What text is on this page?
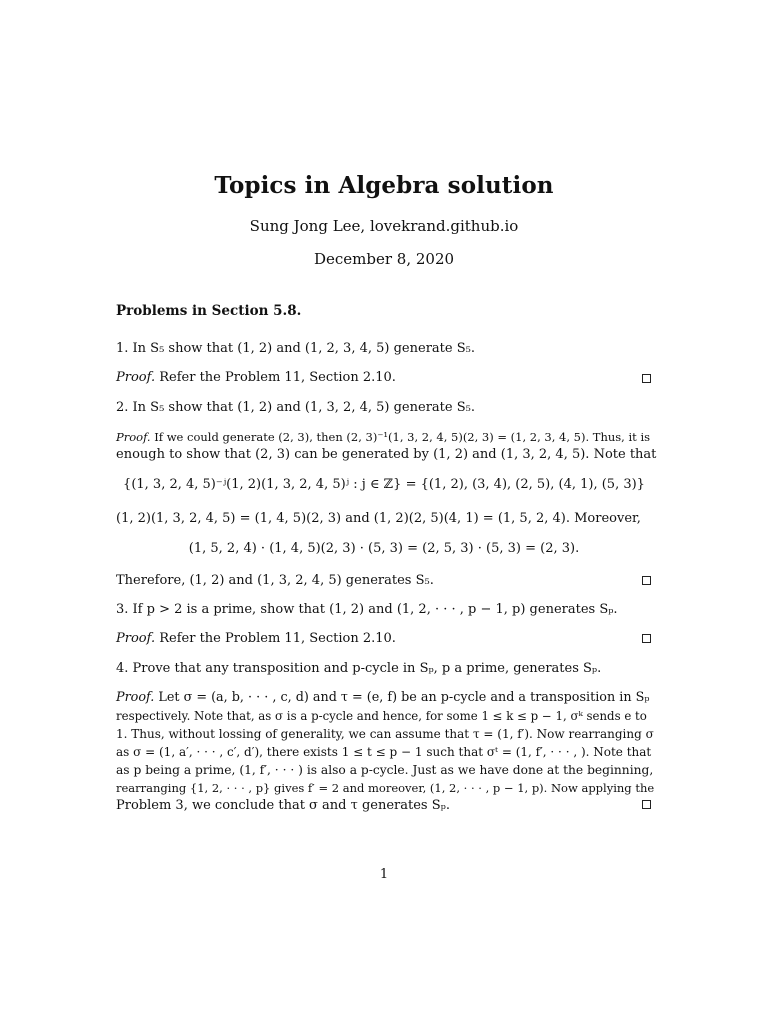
Topics in Algebra solution
Sung Jong Lee, lovekrand.github.io
December 8, 2020
Problems in Section 5.8.
1. In S₅ show that (1, 2) and (1, 2, 3, 4, 5) generate S₅.
Proof. Refer the Problem 11, Section 2.10.
2. In S₅ show that (1, 2) and (1, 3, 2, 4, 5) generate S₅.
Proof. If we could generate (2, 3), then (2, 3)⁻¹(1, 3, 2, 4, 5)(2, 3) = (1, 2, 3, 4, 5). Thus, it is
enough to show that (2, 3) can be generated by (1, 2) and (1, 3, 2, 4, 5). Note that
{(1, 3, 2, 4, 5)⁻ʲ(1, 2)(1, 3, 2, 4, 5)ʲ : j ∈ ℤ} = {(1, 2), (3, 4), (2, 5), (4, 1), (5, 3)}
(1, 2)(1, 3, 2, 4, 5) = (1, 4, 5)(2, 3) and (1, 2)(2, 5)(4, 1) = (1, 5, 2, 4). Moreover,
(1, 5, 2, 4) · (1, 4, 5)(2, 3) · (5, 3) = (2, 5, 3) · (5, 3) = (2, 3).
Therefore, (1, 2) and (1, 3, 2, 4, 5) generates S₅.
3. If p > 2 is a prime, show that (1, 2) and (1, 2, · · · , p − 1, p) generates Sₚ.
Proof. Refer the Problem 11, Section 2.10.
4. Prove that any transposition and p-cycle in Sₚ, p a prime, generates Sₚ.
Proof. Let σ = (a, b, · · · , c, d) and τ = (e, f) be an p-cycle and a transposition in Sₚ
respectively. Note that, as σ is a p-cycle and hence, for some 1 ≤ k ≤ p − 1, σᵏ sends e to
1. Thus, without lossing of generality, we can assume that τ = (1, f′). Now rearranging σ
as σ = (1, a′, · · · , c′, d′), there exists 1 ≤ t ≤ p − 1 such that σᵗ = (1, f′, · · · , ). Note that
as p being a prime, (1, f′, · · · ) is also a p-cycle. Just as we have done at the beginning,
rearranging {1, 2, · · · , p} gives f′ = 2 and moreover, (1, 2, · · · , p − 1, p). Now applying the
Problem 3, we conclude that σ and τ generates Sₚ.
1
